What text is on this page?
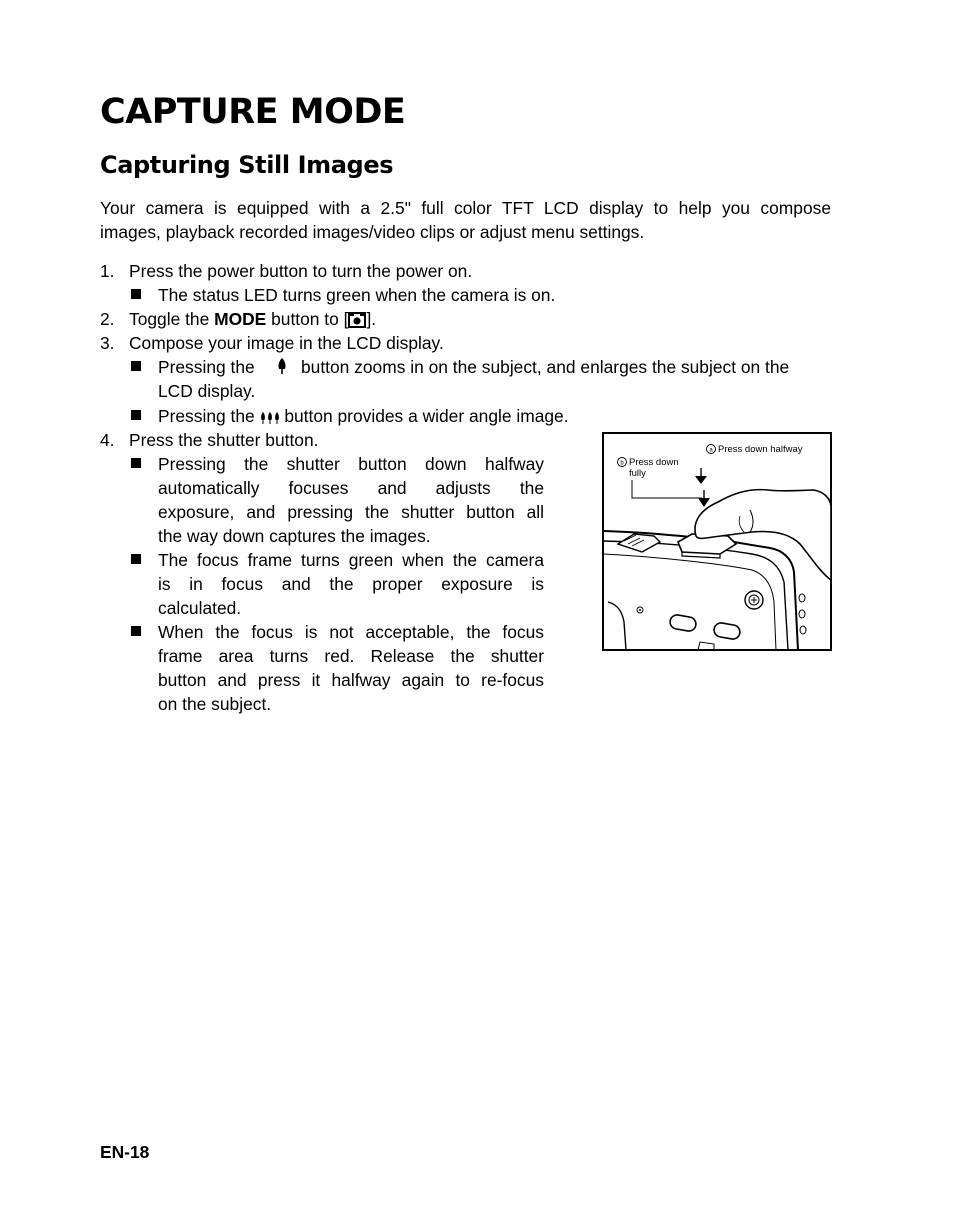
CAPTURE MODE
Capturing Still Images

Your camera is equipped with a 2.5" full color TFT LCD display to help you compose
images, playback recorded images/video clips or adjust menu settings.

1. Press the power button to turn the power on.
The status LED turns green when the camera is on.
2. Toggle the MODE button to [ ].
3. Compose your image in the LCD display.
Pressing the	button zooms in on the subject, and enlarges the subject on the
LCD display.
Pressing the  button provides a wider angle image.
4. Press the shutter button.
Pressing the shutter button down halfway
automatically focuses and adjusts the
exposure, and pressing the shutter button all
the way down captures the images.
The focus frame turns green when the camera
is in focus and the proper exposure is
calculated.
When the focus is not acceptable, the focus
frame area turns red. Release the shutter
button and press it halfway again to re-focus
on the subject.
a Press down halfway
b Press down
fully
EN-18
